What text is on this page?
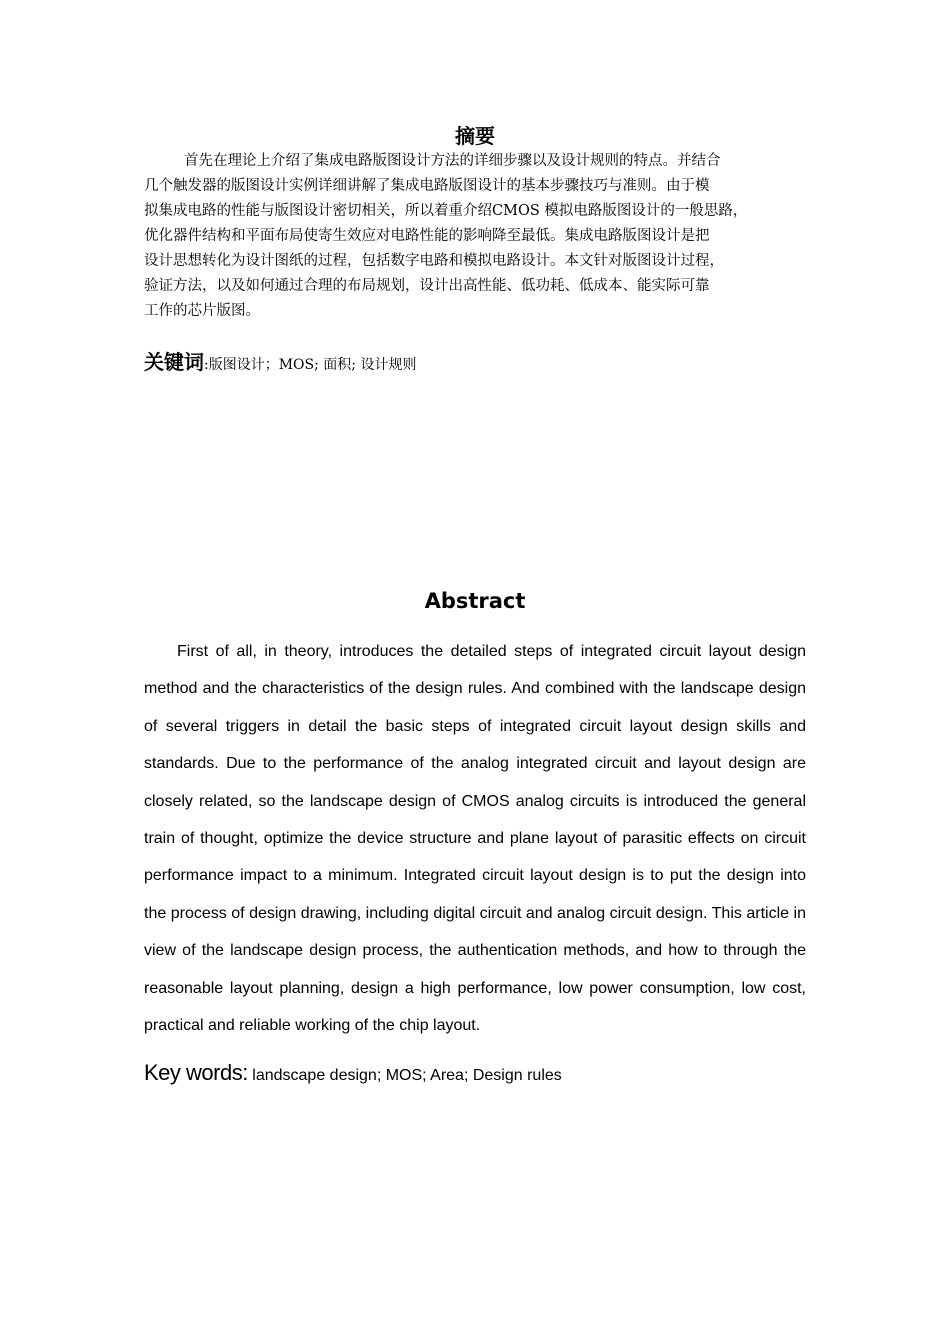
摘要

首先在理论上介绍了集成电路版图设计方法的详细步骤以及设计规则的特点。并结合
几个触发器的版图设计实例详细讲解了集成电路版图设计的基本步骤技巧与准则。由于模
拟集成电路的性能与版图设计密切相关，所以着重介绍CMOS 模拟电路版图设计的一般思路，
优化器件结构和平面布局使寄生效应对电路性能的影响降至最低。集成电路版图设计是把
设计思想转化为设计图纸的过程，包括数字电路和模拟电路设计。本文针对版图设计过程，
验证方法，以及如何通过合理的布局规划，设计出高性能、低功耗、低成本、能实际可靠
工作的芯片版图。

关键词:版图设计；MOS; 面积; 设计规则
Abstract

First of all, in theory, introduces the detailed steps of integrated circuit layout design method and the characteristics of the design rules. And combined with the landscape design of several triggers in detail the basic steps of integrated circuit layout design skills and standards. Due to the performance of the analog integrated circuit and layout design are closely related, so the landscape design of CMOS analog circuits is introduced the general train of thought, optimize the device structure and plane layout of parasitic effects on circuit performance impact to a minimum. Integrated circuit layout design is to put the design into the process of design drawing, including digital circuit and analog circuit design. This article in view of the landscape design process, the authentication methods, and how to through the reasonable layout planning, design a high performance, low power consumption, low cost, practical and reliable working of the chip layout.

Key words: landscape design; MOS; Area; Design rules
